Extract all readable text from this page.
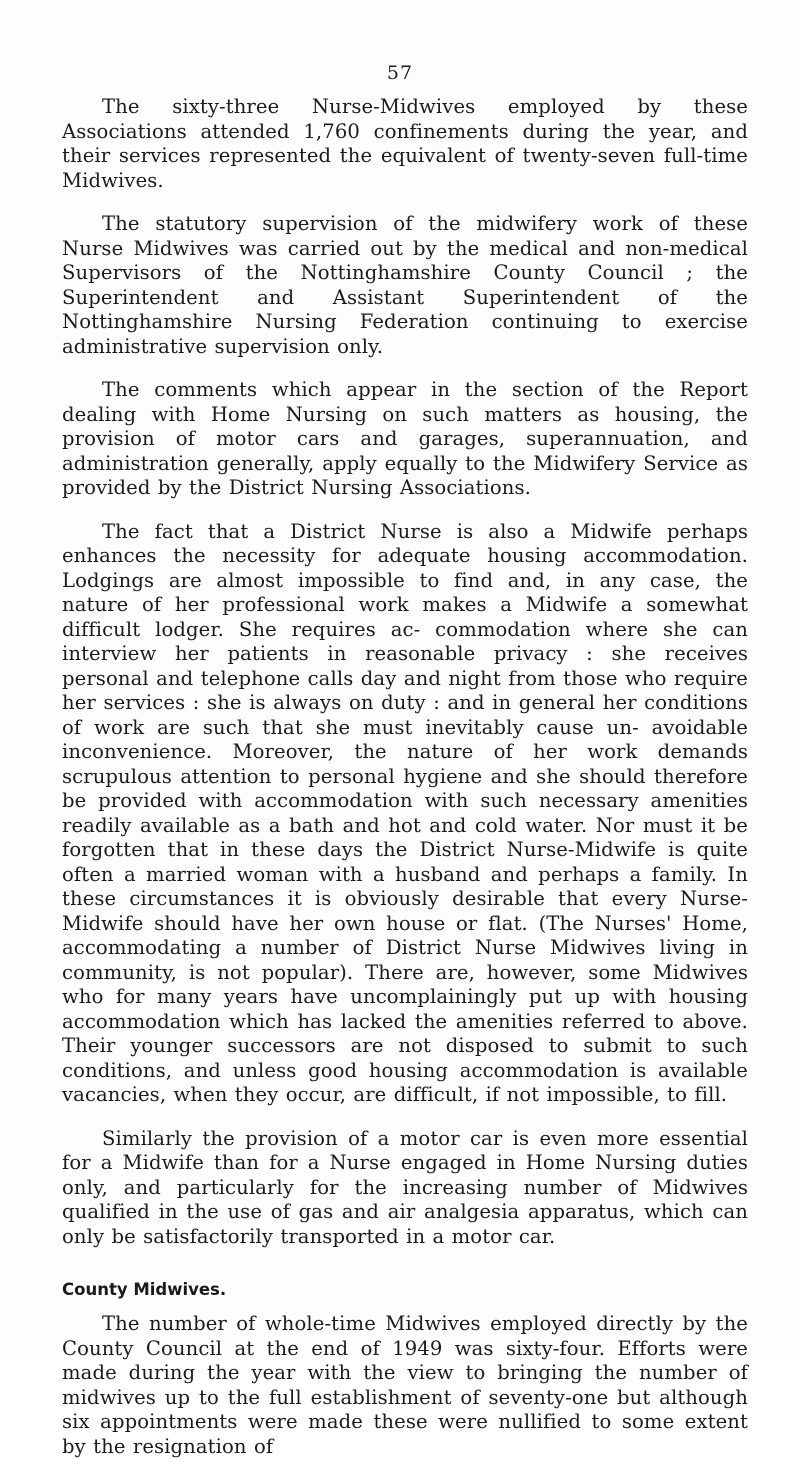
57

The sixty-three Nurse-Midwives employed by these Associations attended 1,760 confinements during the year, and their services represented the equivalent of twenty-seven full-time Midwives.

The statutory supervision of the midwifery work of these Nurse Midwives was carried out by the medical and non-medical Supervisors of the Nottinghamshire County Council ; the Superintendent and Assistant Superintendent of the Nottinghamshire Nursing Federation continuing to exercise administrative supervision only.

The comments which appear in the section of the Report dealing with Home Nursing on such matters as housing, the provision of motor cars and garages, superannuation, and administration generally, apply equally to the Midwifery Service as provided by the District Nursing Associations.

The fact that a District Nurse is also a Midwife perhaps enhances the necessity for adequate housing accommodation. Lodgings are almost impossible to find and, in any case, the nature of her professional work makes a Midwife a somewhat difficult lodger. She requires ac- commodation where she can interview her patients in reasonable privacy : she receives personal and telephone calls day and night from those who require her services : she is always on duty : and in general her conditions of work are such that she must inevitably cause un- avoidable inconvenience. Moreover, the nature of her work demands scrupulous attention to personal hygiene and she should therefore be provided with accommodation with such necessary amenities readily available as a bath and hot and cold water. Nor must it be forgotten that in these days the District Nurse-Midwife is quite often a married woman with a husband and perhaps a family. In these circumstances it is obviously desirable that every Nurse-Midwife should have her own house or flat. (The Nurses' Home, accommodating a number of District Nurse Midwives living in community, is not popular). There are, however, some Midwives who for many years have uncomplainingly put up with housing accommodation which has lacked the amenities referred to above. Their younger successors are not disposed to submit to such conditions, and unless good housing accommodation is available vacancies, when they occur, are difficult, if not impossible, to fill.

Similarly the provision of a motor car is even more essential for a Midwife than for a Nurse engaged in Home Nursing duties only, and particularly for the increasing number of Midwives qualified in the use of gas and air analgesia apparatus, which can only be satisfactorily transported in a motor car.

County Midwives.

The number of whole-time Midwives employed directly by the County Council at the end of 1949 was sixty-four. Efforts were made during the year with the view to bringing the number of midwives up to the full establishment of seventy-one but although six appointments were made these were nullified to some extent by the resignation of
